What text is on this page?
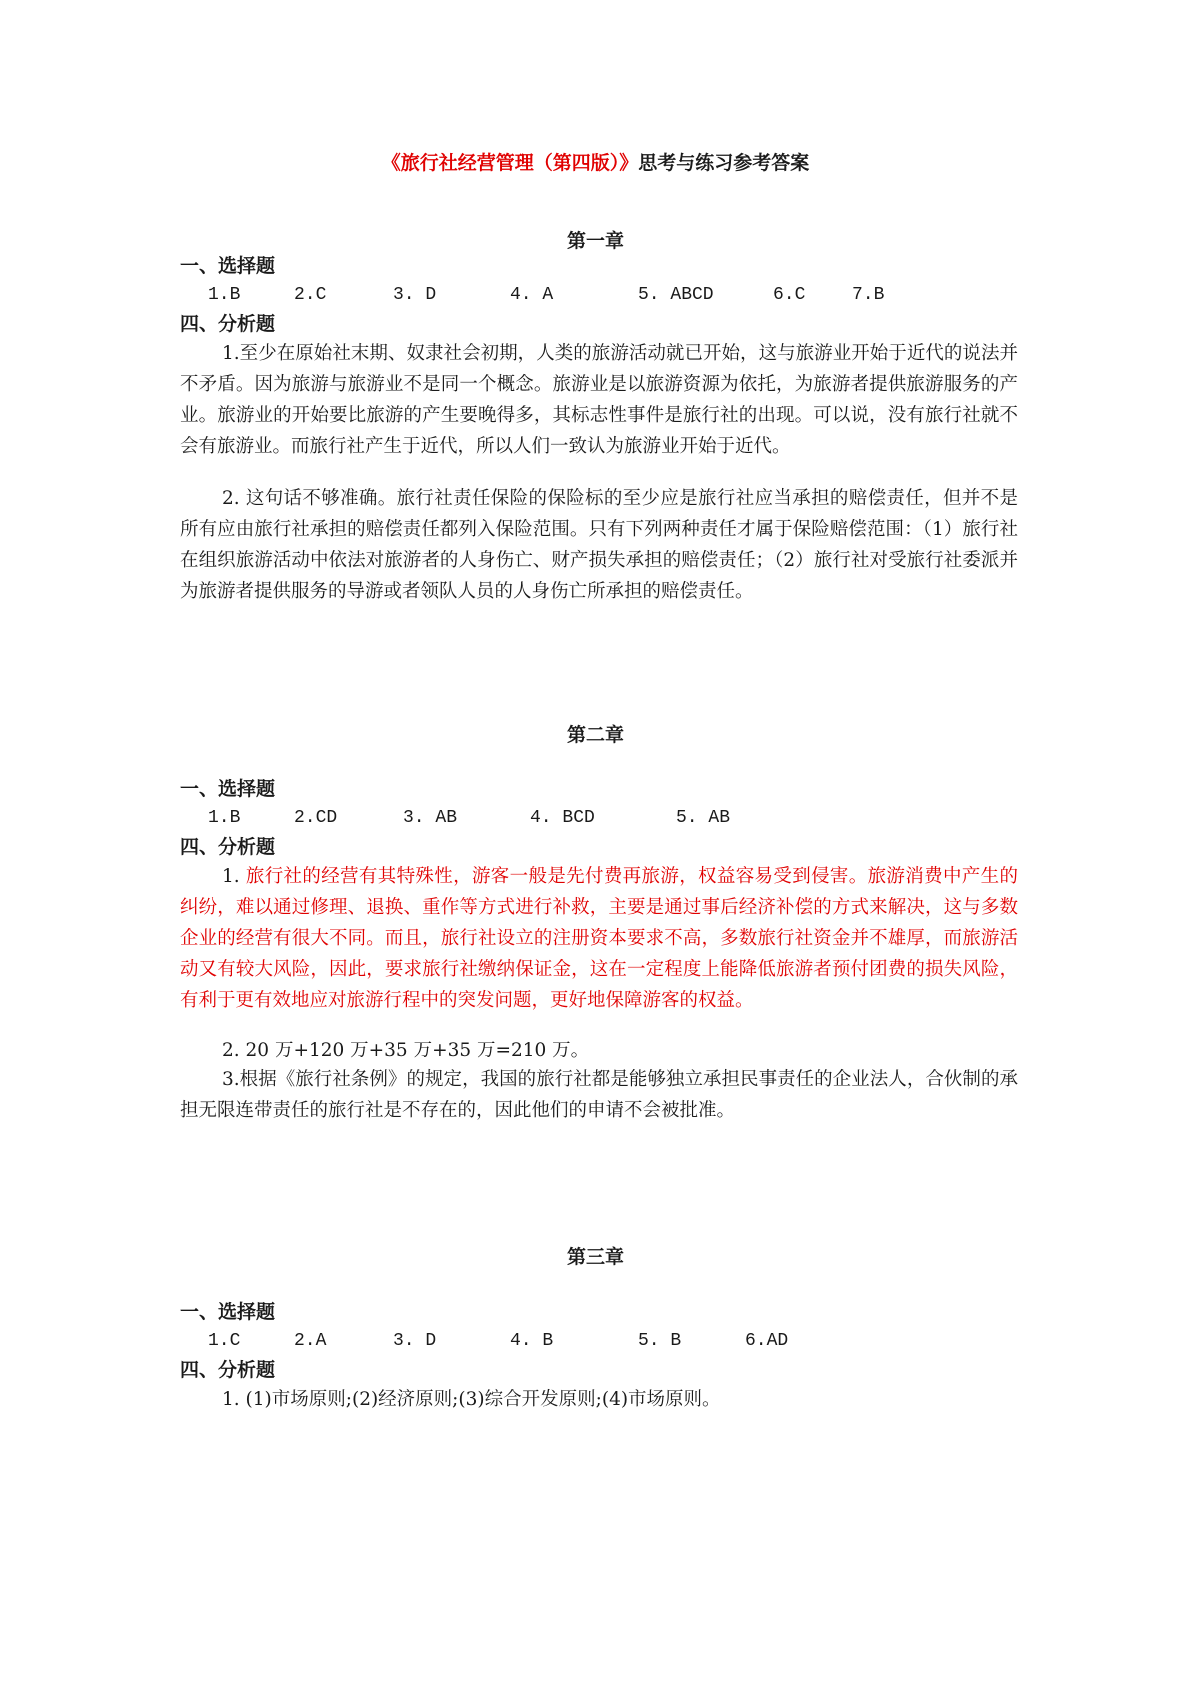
《旅行社经营管理（第四版）》思考与练习参考答案
第一章
一、选择题
1.B	2.C	3. D	4. A	5. ABCD	6.C	7.B
四、分析题
1.至少在原始社末期、奴隶社会初期，人类的旅游活动就已开始，这与旅游业开始于近代的说法并不矛盾。因为旅游与旅游业不是同一个概念。旅游业是以旅游资源为依托，为旅游者提供旅游服务的产业。旅游业的开始要比旅游的产生要晚得多，其标志性事件是旅行社的出现。可以说，没有旅行社就不会有旅游业。而旅行社产生于近代，所以人们一致认为旅游业开始于近代。
2. 这句话不够准确。旅行社责任保险的保险标的至少应是旅行社应当承担的赔偿责任，但并不是所有应由旅行社承担的赔偿责任都列入保险范围。只有下列两种责任才属于保险赔偿范围：（1）旅行社在组织旅游活动中依法对旅游者的人身伤亡、财产损失承担的赔偿责任；（2）旅行社对受旅行社委派并为旅游者提供服务的导游或者领队人员的人身伤亡所承担的赔偿责任。
第二章
一、选择题
1.B	2.CD	3. AB	4. BCD	5. AB
四、分析题
1. 旅行社的经营有其特殊性，游客一般是先付费再旅游，权益容易受到侵害。旅游消费中产生的纠纷，难以通过修理、退换、重作等方式进行补救，主要是通过事后经济补偿的方式来解决，这与多数企业的经营有很大不同。而且，旅行社设立的注册资本要求不高，多数旅行社资金并不雄厚，而旅游活动又有较大风险，因此，要求旅行社缴纳保证金，这在一定程度上能降低旅游者预付团费的损失风险，有利于更有效地应对旅游行程中的突发问题，更好地保障游客的权益。
2. 20 万+120 万+35 万+35 万=210 万。
3.根据《旅行社条例》的规定，我国的旅行社都是能够独立承担民事责任的企业法人，合伙制的承担无限连带责任的旅行社是不存在的，因此他们的申请不会被批准。
第三章
一、选择题
1.C	2.A	3. D	4. B	5. B	6.AD
四、分析题
1. (1)市场原则;(2)经济原则;(3)综合开发原则;(4)市场原则。
